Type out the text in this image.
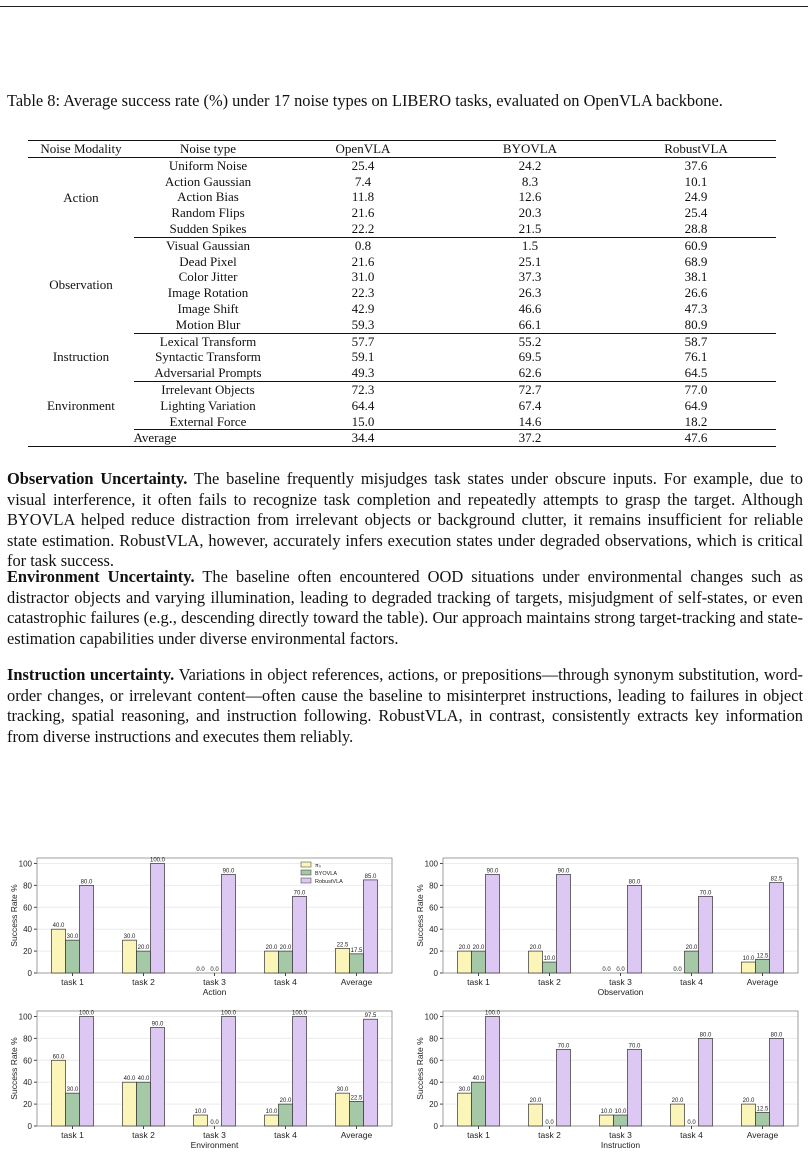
Table 8: Average success rate (%) under 17 noise types on LIBERO tasks, evaluated on OpenVLA backbone.
Noise Modality	Noise type	OpenVLA	BYOVLA	RobustVLA
Action	Uniform Noise	25.4	24.2	37.6
	Action Gaussian	7.4	8.3	10.1
	Action Bias	11.8	12.6	24.9
	Random Flips	21.6	20.3	25.4
	Sudden Spikes	22.2	21.5	28.8
Observation	Visual Gaussian	0.8	1.5	60.9
	Dead Pixel	21.6	25.1	68.9
	Color Jitter	31.0	37.3	38.1
	Image Rotation	22.3	26.3	26.6
	Image Shift	42.9	46.6	47.3
	Motion Blur	59.3	66.1	80.9
Instruction	Lexical Transform	57.7	55.2	58.7
	Syntactic Transform	59.1	69.5	76.1
	Adversarial Prompts	49.3	62.6	64.5
Environment	Irrelevant Objects	72.3	72.7	77.0
	Lighting Variation	64.4	67.4	64.9
	External Force	15.0	14.6	18.2
Average		34.4	37.2	47.6

Observation Uncertainty. The baseline frequently misjudges task states under obscure inputs. For example, due to visual interference, it often fails to recognize task completion and repeatedly attempts to grasp the target. Although BYOVLA helped reduce distraction from irrelevant objects or background clutter, it remains insufficient for reliable state estimation. RobustVLA, however, accurately infers execution states under degraded observations, which is critical for task success.

Environment Uncertainty. The baseline often encountered OOD situations under environmental changes such as distractor objects and varying illumination, leading to degraded tracking of targets, misjudgment of self-states, or even catastrophic failures (e.g., descending directly toward the table). Our approach maintains strong target-tracking and state-estimation capabilities under diverse environmental factors.

Instruction uncertainty. Variations in object references, actions, or prepositions—through synonym substitution, word-order changes, or irrelevant content—often cause the baseline to misinterpret instructions, leading to failures in object tracking, spatial reasoning, and instruction following. RobustVLA, in contrast, consistently extracts key information from diverse instructions and executes them reliably.

0
20
40
60
80
100
Success Rate %	40.0
30.0
80.0
task 1
30.0
20.0
100.0
task 2
0.0 0.0
90.0
task 3
20.0 20.0
70.0
task 4
22.5
17.5
85.0
Average
Action
π₀
BYOVLA
RobustVLA
0
20
40
60
80
100
Success Rate %
20.0 20.0
90.0
task 1
20.0
10.0
90.0
task 2
0.0 0.0
80.0
task 3
0.0
20.0
70.0
task 4
10.0 12.5
82.5
Average
Observation
0
20
40
60
80
100
Success Rate %	60.0
30.0
100.0
task 1
40.0 40.0
90.0
task 2
10.0
0.0
100.0
task 3
10.0
20.0
100.0
task 4
30.0
22.5
97.5
Average
Environment
0
20
40
60
80
100
Success Rate %	30.0
40.0
100.0
task 1
20.0
0.0
70.0
task 2
10.0 10.0
70.0
task 3
20.0
0.0
80.0
task 4
20.0
12.5
80.0
Average
Instruction
